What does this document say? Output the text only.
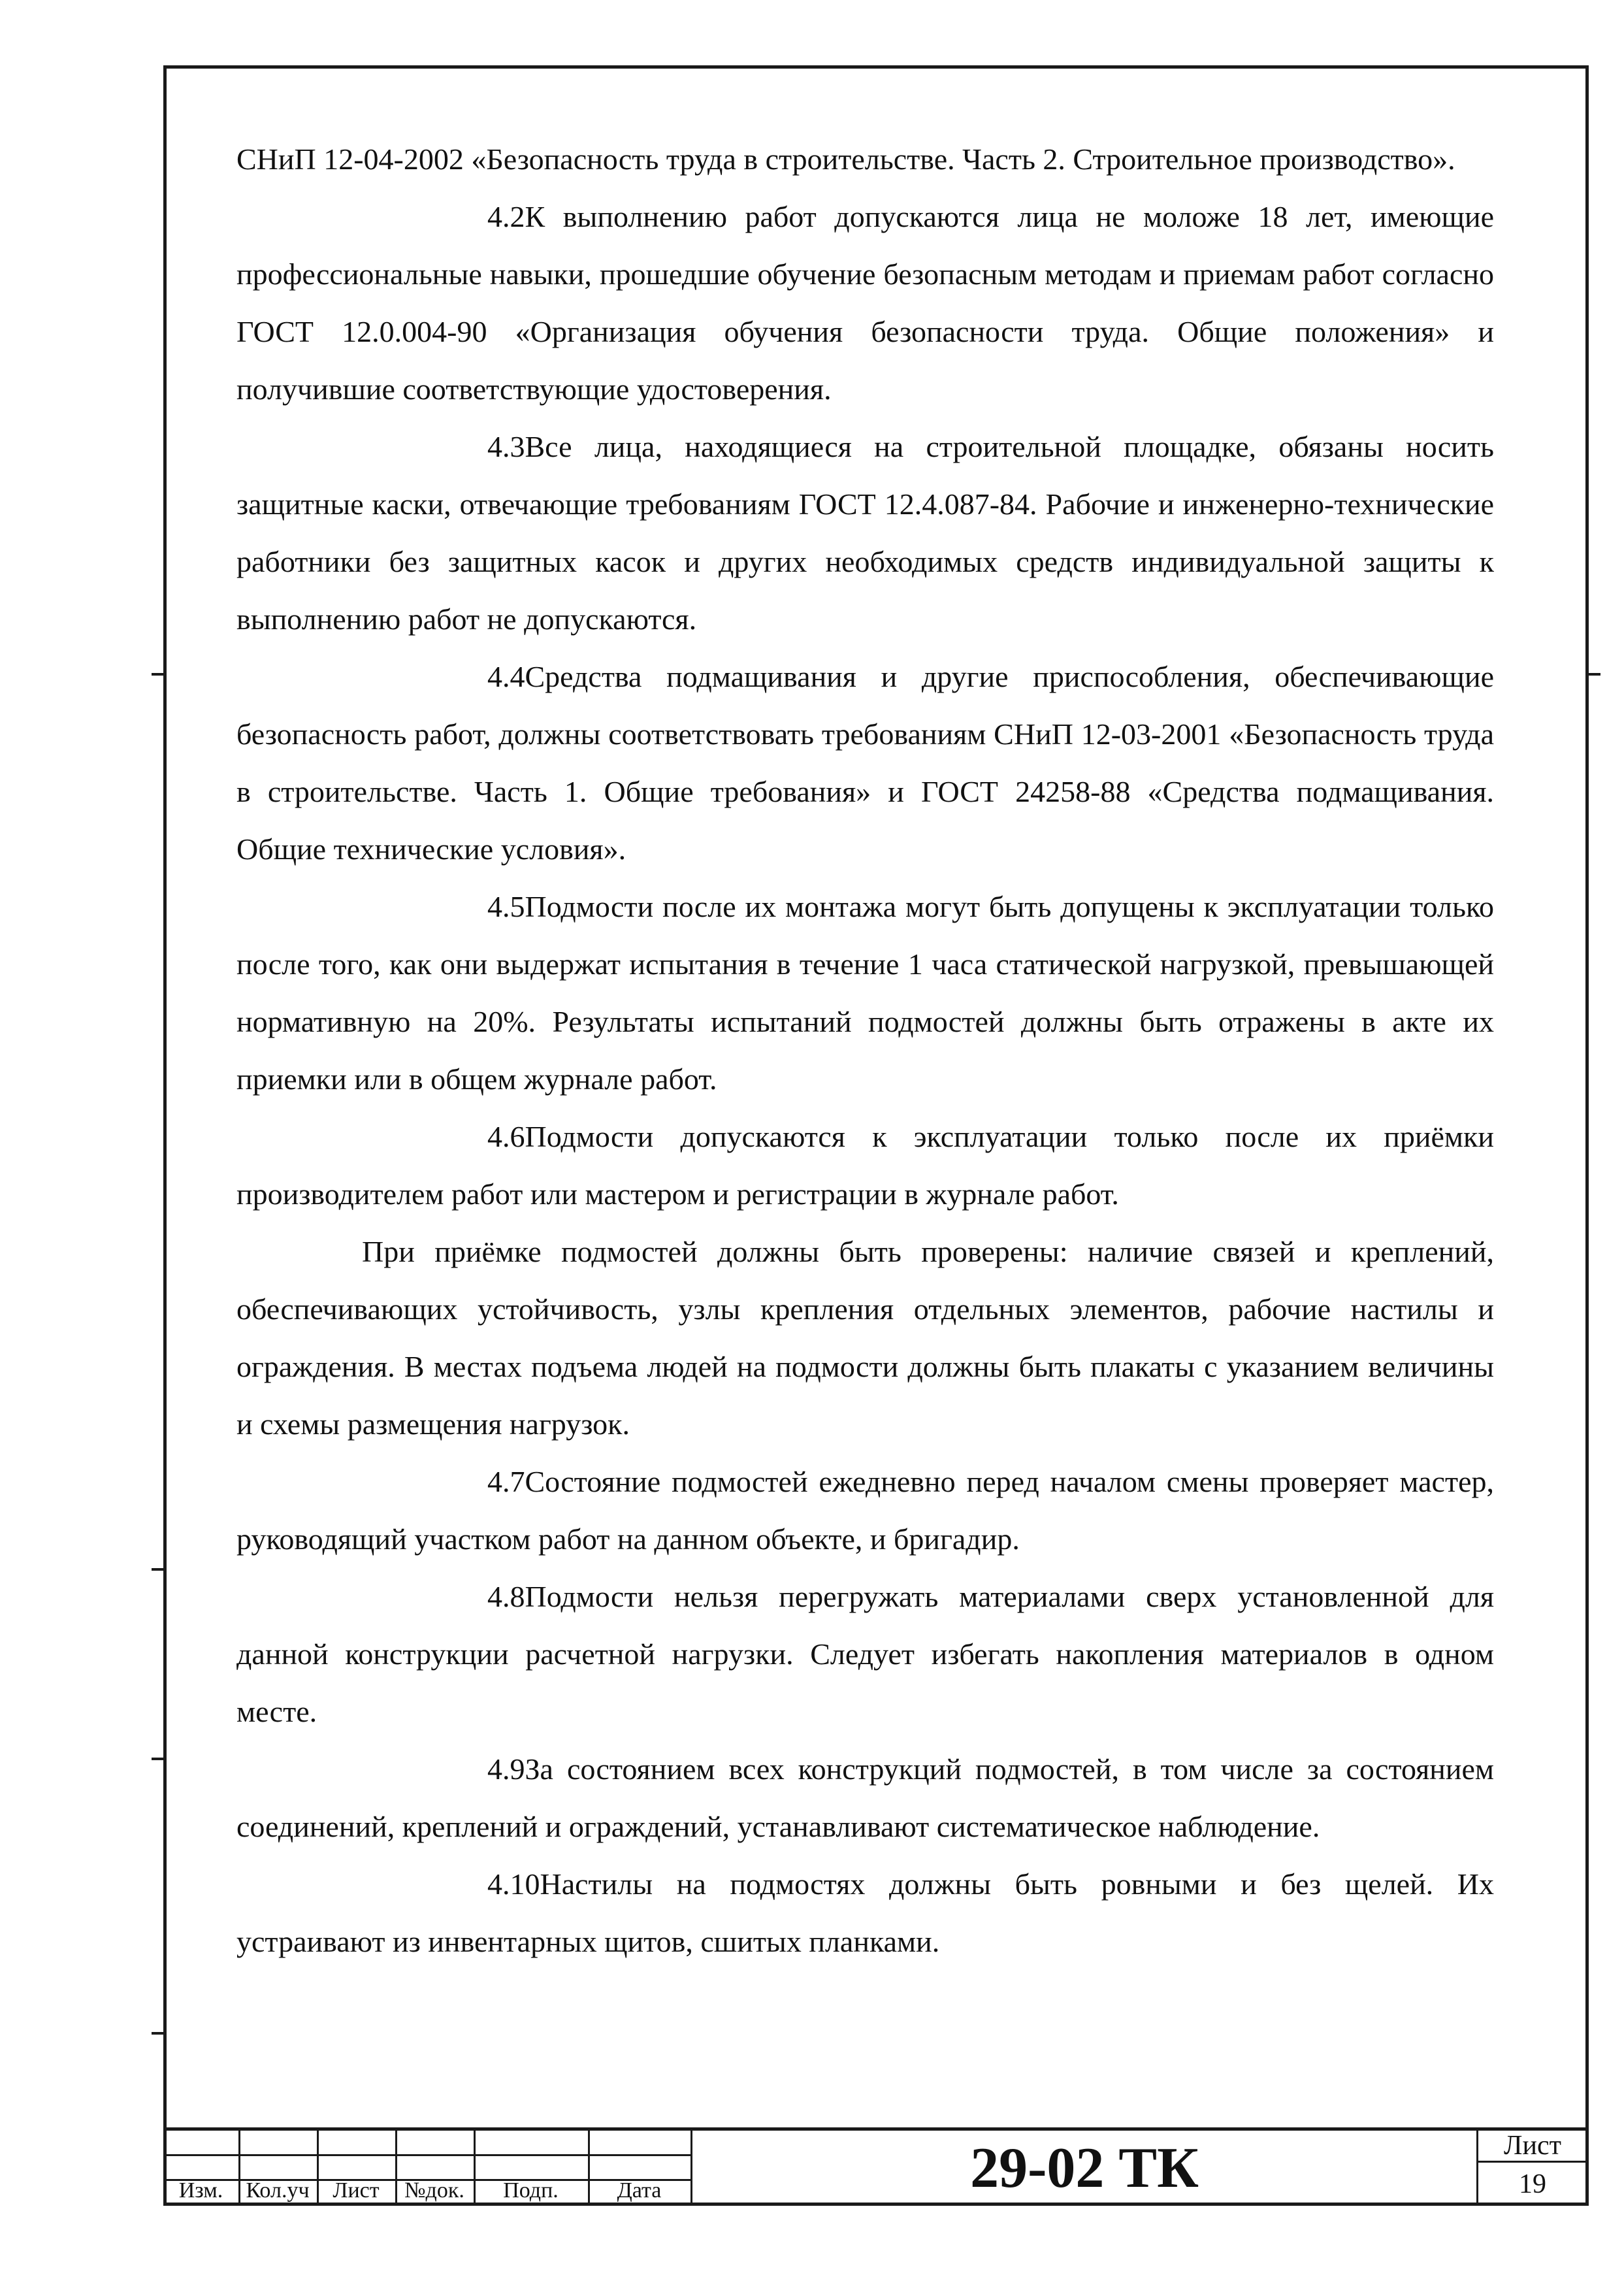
СНиП 12-04-2002 «Безопасность труда в строительстве. Часть 2. Строительное производство».

4.2К выполнению работ допускаются лица не моложе 18 лет, имеющие профессиональные навыки, прошедшие обучение безопасным методам и приемам работ согласно ГОСТ 12.0.004-90 «Организация обучения безопасности труда. Общие положения» и получившие соответствующие удостоверения.

4.3Все лица, находящиеся на строительной площадке, обязаны носить защитные каски, отвечающие требованиям ГОСТ 12.4.087-84. Рабочие и инженерно-технические работники без защитных касок и других необходимых средств индивидуальной защиты к выполнению работ не допускаются.

4.4Средства подмащивания и другие приспособления, обеспечивающие безопасность работ, должны соответствовать требованиям СНиП 12-03-2001 «Безопасность труда в строительстве. Часть 1. Общие требования» и ГОСТ 24258-88 «Средства подмащивания. Общие технические условия».

4.5Подмости после их монтажа могут быть допущены к эксплуатации только после того, как они выдержат испытания в течение 1 часа статической нагрузкой, превышающей нормативную на 20%. Результаты испытаний подмостей должны быть отражены в акте их приемки или в общем журнале работ.

4.6Подмости допускаются к эксплуатации только после их приёмки производителем работ или мастером и регистрации в журнале работ.

При приёмке подмостей должны быть проверены: наличие связей и креплений, обеспечивающих устойчивость, узлы крепления отдельных элементов, рабочие настилы и ограждения. В местах подъема людей на подмости должны быть плакаты с указанием величины и схемы размещения нагрузок.

4.7Состояние подмостей ежедневно перед началом смены проверяет мастер, руководящий участком работ на данном объекте, и бригадир.

4.8Подмости нельзя перегружать материалами сверх установленной для данной конструкции расчетной нагрузки. Следует избегать накопления материалов в одном месте.

4.9За состоянием всех конструкций подмостей, в том числе за состоянием соединений, креплений и ограждений, устанавливают систематическое наблюдение.

4.10Настилы на подмостях должны быть ровными и без щелей. Их устраивают из инвентарных щитов, сшитых планками.

Изм.	Кол.уч	Лист	№док.	Подп.	Дата	29-02 ТК	Лист
19
